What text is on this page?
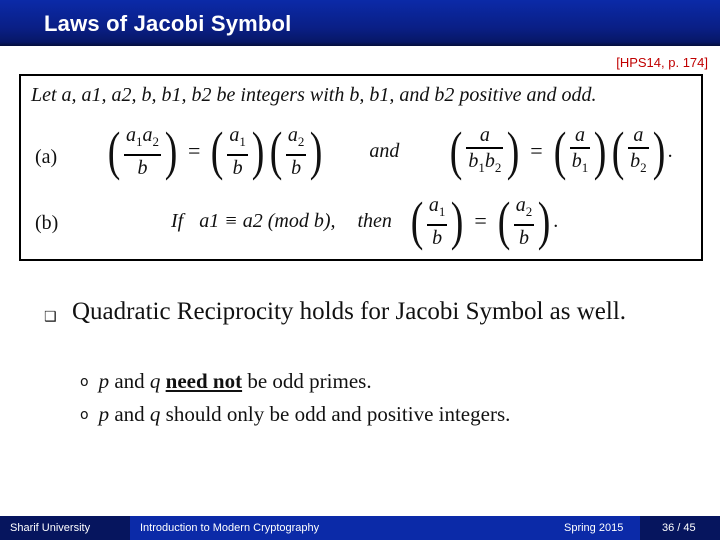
Laws of Jacobi Symbol
[HPS14, p. 174]
Let a, a1, a2, b, b1, b2 be integers with b, b1, and b2 positive and odd.
(a) ( $\frac{a_1a_2}{b}$ ) = ( $\frac{a_1}{b}$ ) ( $\frac{a_2}{b}$ ) and ( $\frac{a}{b_1b_2}$ ) = ( $\frac{a}{b_1}$ ) ( $\frac{a}{b_2}$ ) .
(b)	If a1 ≡ a2 (mod b), then ( $\frac{a_1}{b}$ ) = ( $\frac{a_2}{b}$ ) .
❑ Quadratic Reciprocity holds for Jacobi Symbol as well.
o p and q need not be odd primes.
o p and q should only be odd and positive integers.
Sharif University	Introduction to Modern Cryptography	Spring 2015	36 / 45
